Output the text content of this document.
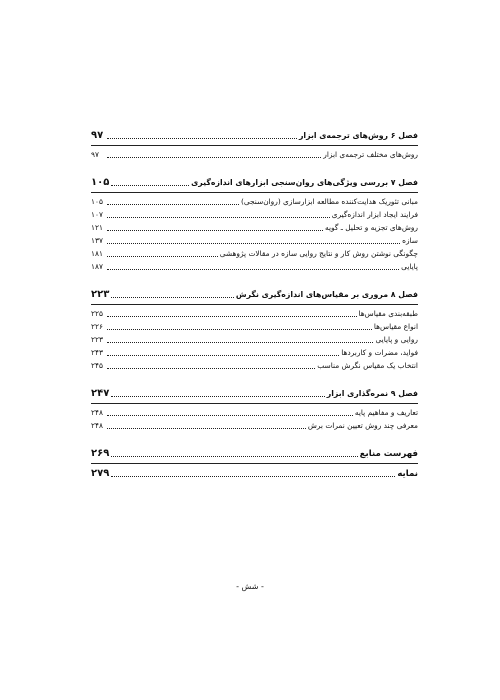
فصل ۶ روش‌های ترجمه‌ی ابزار
۹۷
روش‌های مختلف ترجمه‌ی ابزار
۹۷
فصل ۷ بررسی ویژگی‌های روان‌سنجی ابزارهای اندازه‌گیری
۱۰۵
مبانی تئوریک هدایت‌کننده مطالعه ابزارسازی (روان‌سنجی)
۱۰۵
فرایند ایجاد ابزار اندازه‌گیری
۱۰۷
روش‌های تجزیه و تحلیل ـ گویه
۱۲۱
سازه
۱۳۷
چگونگی نوشتن روش کار و نتایج روایی سازه در مقالات پژوهشی
۱۸۱
پایایی
۱۸۷
فصل ۸ مروری بر مقیاس‌های اندازه‌گیری نگرش
۲۲۳
طبقه‌بندی مقیاس‌ها
۲۲۵
انواع مقیاس‌ها
۲۲۶
روایی و پایایی
۲۲۳
فواید، مضرات و کاربردها
۲۴۳
انتخاب یک مقیاس نگرش مناسب
۲۴۵
فصل ۹ نمره‌گذاری ابزار
۲۴۷
تعاریف و مفاهیم پایه
۲۴۸
معرفی چند روش تعیین نمرات برش
۲۴۸
فهرست منابع
۲۶۹
نمایه
۲۷۹
- شش -
